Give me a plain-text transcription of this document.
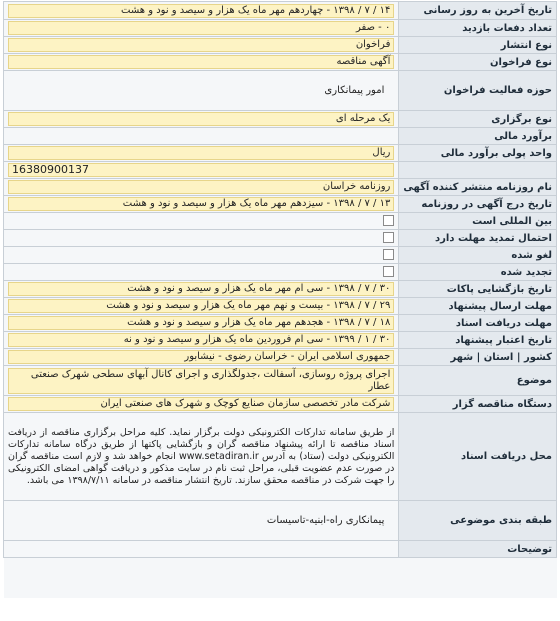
تاریخ آخرین به روز رسانی	۱۴ / ۷ / ۱۳۹۸ - چهاردهم مهر ماه یک هزار و سیصد و نود و هشت

تعداد دفعات بازدید	۰ - صفر

نوع انتشار	فراخوان

نوع فراخوان	آگهی مناقصه

حوزه فعالیت فراخوان	امور پیمانکاری
نوع برگزاری	یک مرحله ای

برآورد مالی	
واحد پولی برآورد مالی	ریال

	16380900137

نام روزنامه منتشر کننده آگهی	روزنامه خراسان

تاریخ درج آگهی در روزنامه	۱۳ / ۷ / ۱۳۹۸ - سیزدهم مهر ماه یک هزار و سیصد و نود و هشت

بین المللی است	
احتمال تمدید مهلت دارد	
لغو شده	
تجدید شده	
تاریخ بازگشایی پاکات	۳۰ / ۷ / ۱۳۹۸ - سی ام مهر ماه یک هزار و سیصد و نود و هشت

مهلت ارسال پیشنهاد	۲۹ / ۷ / ۱۳۹۸ - بیست و نهم مهر ماه یک هزار و سیصد و نود و هشت

مهلت دریافت اسناد	۱۸ / ۷ / ۱۳۹۸ - هجدهم مهر ماه یک هزار و سیصد و نود و هشت

تاریخ اعتبار پیشنهاد	۳۰ / ۱ / ۱۳۹۹ - سی ام فروردین ماه یک هزار و سیصد و نود و نه

کشور | استان | شهر	جمهوری اسلامی ایران - خراسان رضوی - نیشابور

موضوع	اجرای پروژه روسازی، آسفالت ،جدولگذاری و اجرای کانال آبهای سطحی شهرک صنعتی عطار

دستگاه مناقصه گزار	شرکت مادر تخصصی سازمان صنایع کوچک و شهرک های صنعتی ایران

محل دریافت اسناد	از طریق سامانه تدارکات الکترونیکی دولت برگزار نماید. کلیه مراحل برگزاری مناقصه از دریافت اسناد مناقصه تا ارائه پیشنهاد مناقصه گران و بازگشایی پاکتها از طریق درگاه سامانه تدارکات الکترونیکی دولت (ستاد) به آدرس www.setadiran.ir انجام خواهد شد و لازم است مناقصه گران در صورت عدم عضویت قبلی، مراحل ثبت نام در سایت مذکور و دریافت گواهی امضای الکترونیکی را جهت شرکت در مناقصه محقق سازند. تاریخ انتشار مناقصه در سامانه ۱۳۹۸/۷/۱۱ می باشد.

طبقه بندی موضوعی	پیمانکاری راه-ابنیه-تاسیسات
توضیحات	
